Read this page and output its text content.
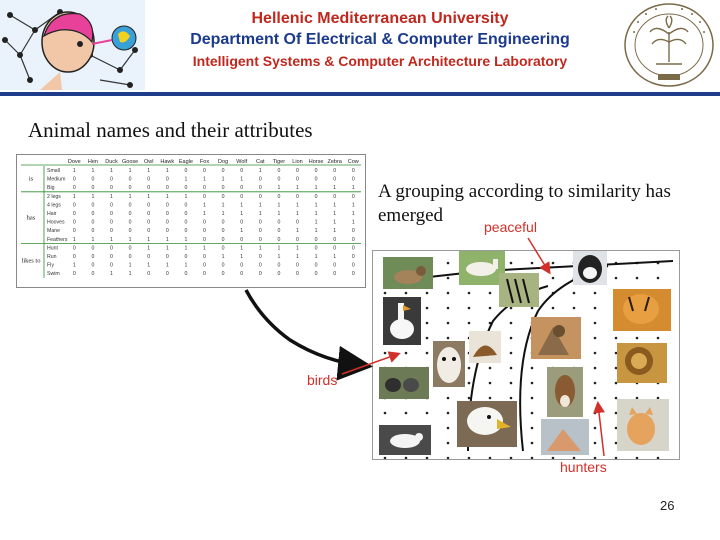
Hellenic Mediterranean University
Department Of Electrical & Computer Engineering
Intelligent Systems & Computer Architecture Laboratory
Animal names and their attributes
Dove Hen Duck Goose Owl Hawk Eagle Fox Dog Wolf Cat Tiger Lion Horse Zebra Cow
Small 1	1	1	1	1	1	0	0	0	0	1	0	0	0	0	0
Medium 0	0	0	0	0	0	1	1	1	1	0	0	0	0	0	0
Big	0	0	0	0	0	0	0	0	0	0	0	1	1	1	1	1
is
2 legs 1	1	1	1	1	1	1	0	0	0	0	0	0	0	0	0
4 legs 0	0	0	0	0	0	0	1	1	1	1	1	1	1	1	1
Hair	0	0	0	0	0	0	0	1	1	1	1	1	1	1	1	1
Hooves 0	0	0	0	0	0	0	0	0	0	0	0	0	1	1	1
Mane 0	0	0	0	0	0	0	0	0	1	0	0	1	1	1	0
Feathers 1	1	1	1	1	1	1	0	0	0	0	0	0	0	0	0
has
Hunt	0	0	0	0	1	1	1	1	0	1	1	1	1	0	0	0
Run	0	0	0	0	0	0	0	0	1	1	0	1	1	1	1	0
Fly	1	0	0	1	1	1	1	0	0	0	0	0	0	0	0	0
Swim	0	0	1	1	0	0	0	0	0	0	0	0	0	0	0	0
likes to
A grouping according to similarity has emerged
peaceful
birds
hunters
26
